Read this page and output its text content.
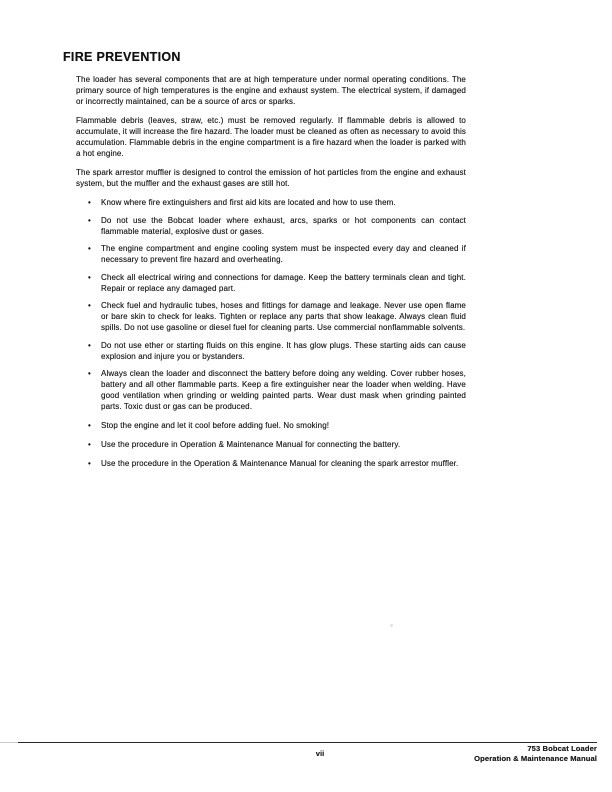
FIRE PREVENTION

The loader has several components that are at high temperature under normal operating conditions. The primary source of high temperatures is the engine and exhaust system. The electrical system, if damaged or incorrectly maintained, can be a source of arcs or sparks.

Flammable debris (leaves, straw, etc.) must be removed regularly. If flammable debris is allowed to accumulate, it will increase the fire hazard. The loader must be cleaned as often as necessary to avoid this accumulation. Flammable debris in the engine compartment is a fire hazard when the loader is parked with a hot engine.

The spark arrestor muffler is designed to control the emission of hot particles from the engine and exhaust system, but the muffler and the exhaust gases are still hot.

• Know where fire extinguishers and first aid kits are located and how to use them.
• Do not use the Bobcat loader where exhaust, arcs, sparks or hot components can contact flammable material, explosive dust or gases.
• The engine compartment and engine cooling system must be inspected every day and cleaned if necessary to prevent fire hazard and overheating.
• Check all electrical wiring and connections for damage. Keep the battery terminals clean and tight. Repair or replace any damaged part.
• Check fuel and hydraulic tubes, hoses and fittings for damage and leakage. Never use open flame or bare skin to check for leaks. Tighten or replace any parts that show leakage. Always clean fluid spills. Do not use gasoline or diesel fuel for cleaning parts. Use commercial nonflammable solvents.
• Do not use ether or starting fluids on this engine. It has glow plugs. These starting aids can cause explosion and injure you or bystanders.
• Always clean the loader and disconnect the battery before doing any welding. Cover rubber hoses, battery and all other flammable parts. Keep a fire extinguisher near the loader when welding. Have good ventilation when grinding or welding painted parts. Wear dust mask when grinding painted parts. Toxic dust or gas can be produced.
• Stop the engine and let it cool before adding fuel. No smoking!
• Use the procedure in Operation & Maintenance Manual for connecting the battery.
• Use the procedure in the Operation & Maintenance Manual for cleaning the spark arrestor muffler.
vii
753 Bobcat Loader
Operation & Maintenance Manual
